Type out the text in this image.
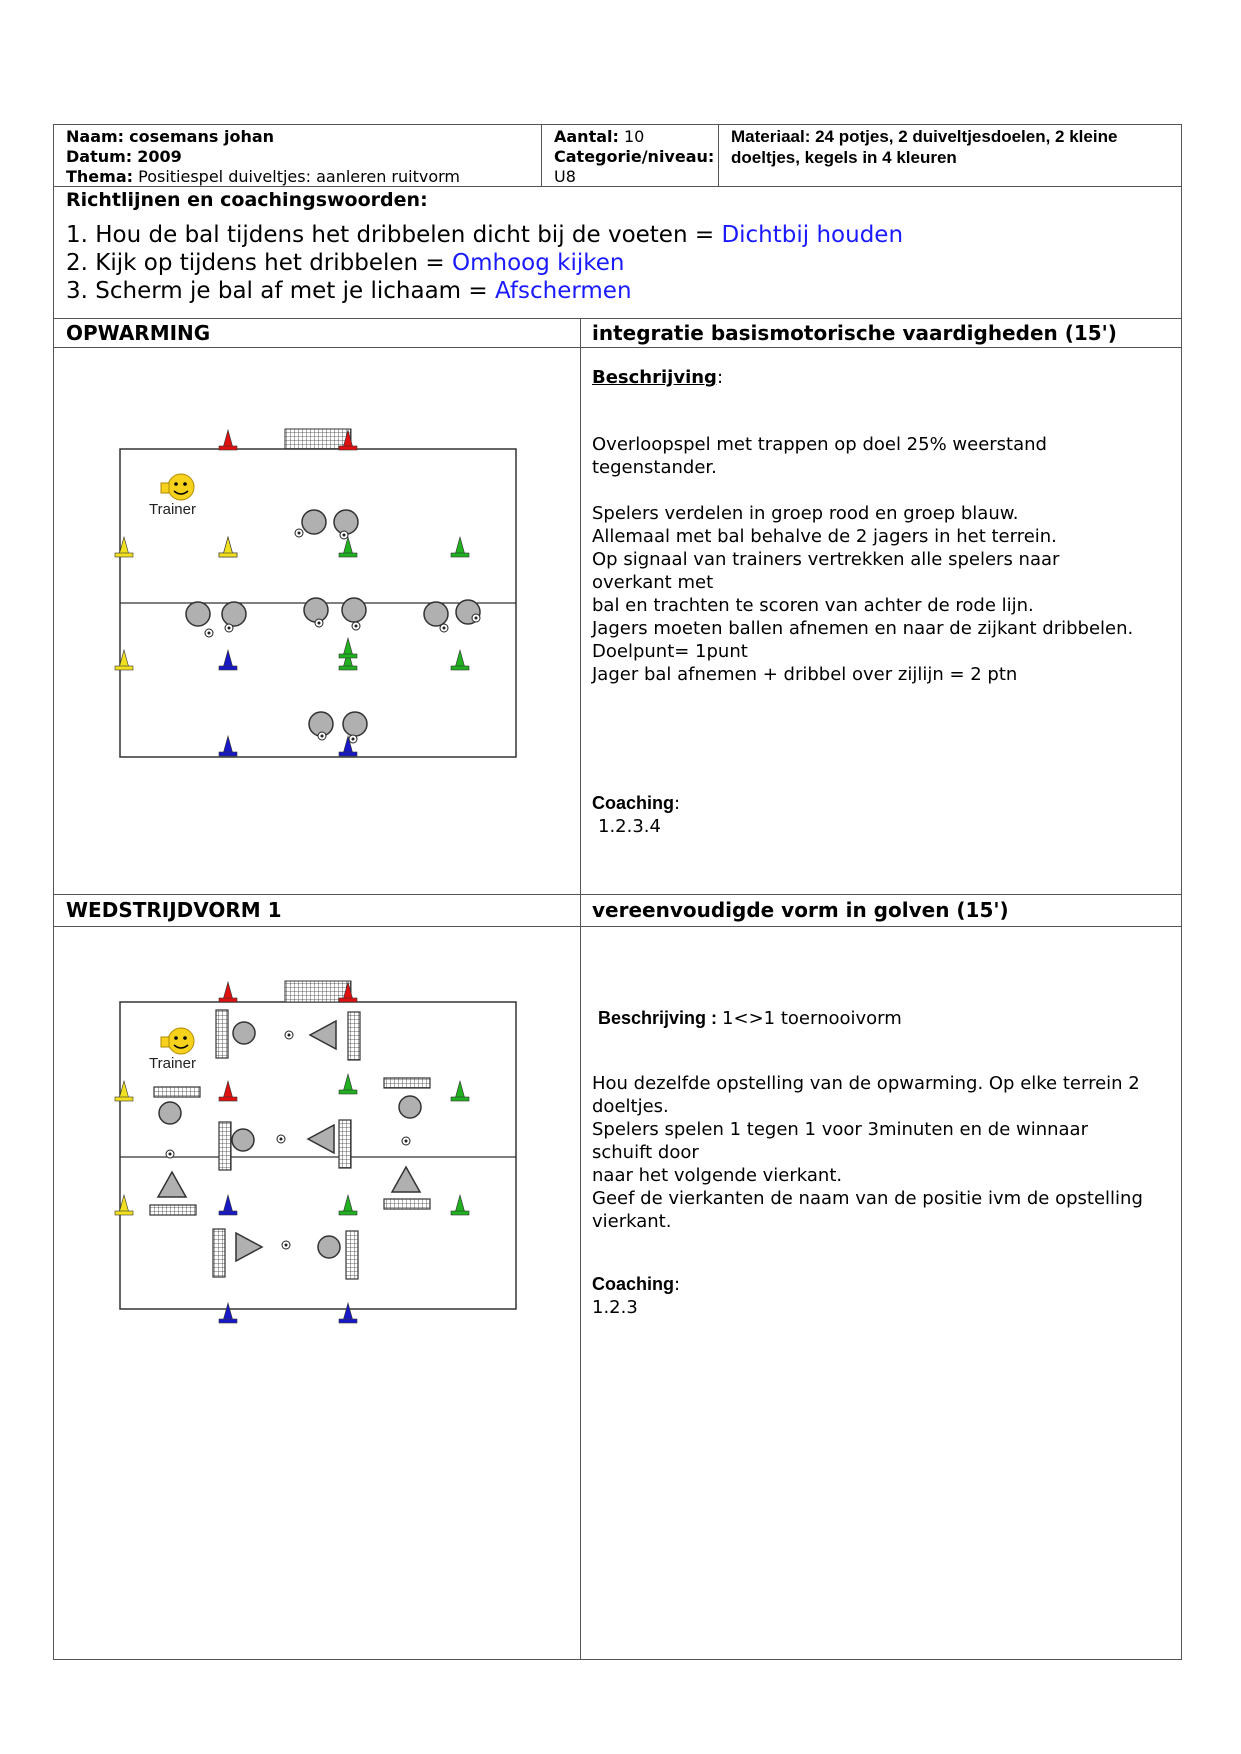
Naam: cosemans johan
Datum: 2009
Thema: Positiespel duiveltjes: aanleren ruitvorm
Aantal: 10
Categorie/niveau:
U8
Materiaal: 24 potjes, 2 duiveltjesdoelen, 2 kleine doeltjes, kegels in 4 kleuren
Richtlijnen en coachingswoorden:
1. Hou de bal tijdens het dribbelen dicht bij de voeten = Dichtbij houden
2. Kijk op tijdens het dribbelen = Omhoog kijken
3. Scherm je bal af met je lichaam = Afschermen
OPWARMING	integratie basismotorische vaardigheden (15')
Trainer
Beschrijving:

Overloopspel met trappen op doel 25% weerstand

tegenstander.

Spelers verdelen in groep rood en groep blauw.

Allemaal met bal behalve de 2 jagers in het terrein.

Op signaal van trainers vertrekken alle spelers naar

overkant met

bal en trachten te scoren van achter de rode lijn.

Jagers moeten ballen afnemen en naar de zijkant dribbelen.

Doelpunt= 1punt

Jager bal afnemen + dribbel over zijlijn = 2 ptn

Coaching:
1.2.3.4
WEDSTRIJDVORM 1	vereenvoudigde vorm in golven (15')
Trainer
Beschrijving : 1<>1 toernooivorm

Hou dezelfde opstelling van de opwarming. Op elke terrein 2

doeltjes.

Spelers spelen 1 tegen 1 voor 3minuten en de winnaar

schuift door

naar het volgende vierkant.

Geef de vierkanten de naam van de positie ivm de opstelling

vierkant.

Coaching:
1.2.3
